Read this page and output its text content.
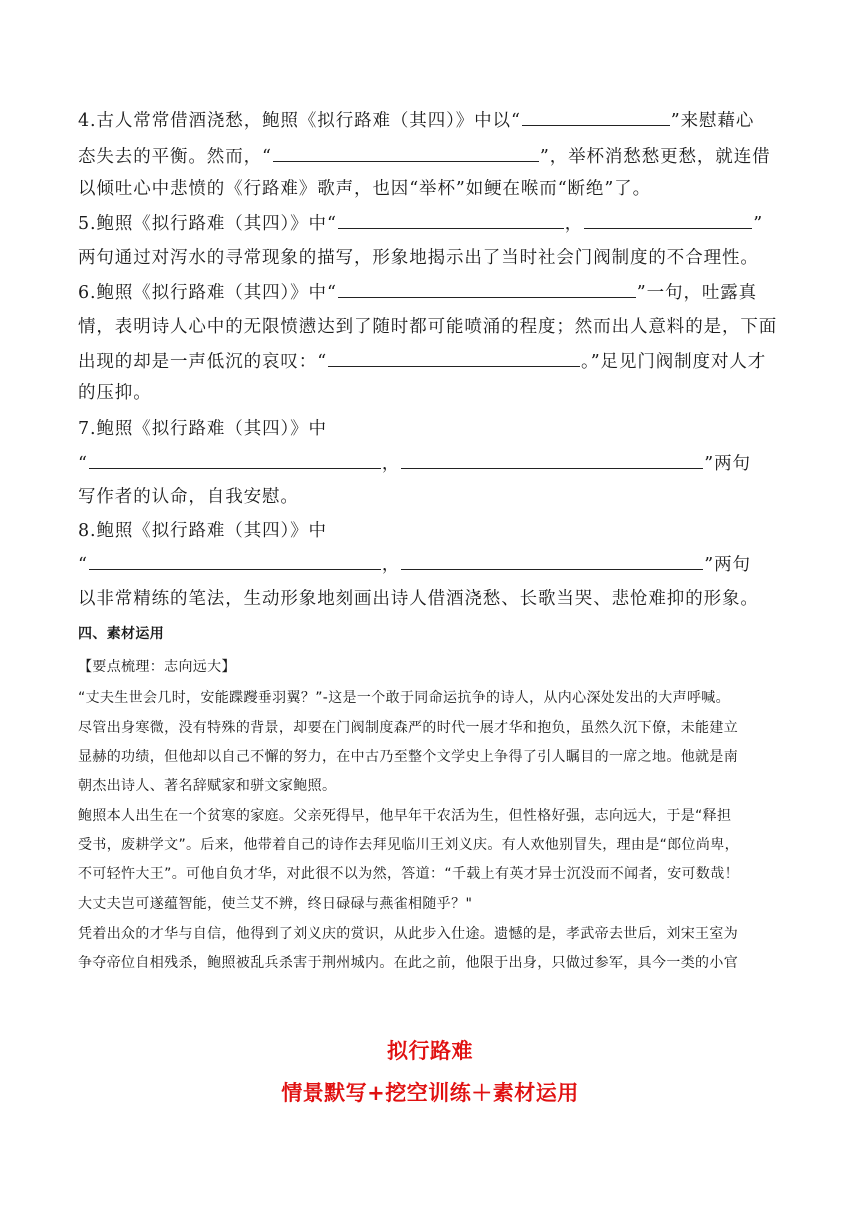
4.古人常常借酒浇愁，鲍照《拟行路难（其四）》中以“	”来慰藉心
态失去的平衡。然而，“	”，举杯消愁愁更愁，就连借
以倾吐心中悲愤的《行路难》歌声，也因“举杯”如鲠在喉而“断绝”了。
5.鲍照《拟行路难（其四）》中“	，	”
两句通过对泻水的寻常现象的描写，形象地揭示出了当时社会门阀制度的不合理性。
6.鲍照《拟行路难（其四）》中“	”一句，吐露真
情，表明诗人心中的无限愤懑达到了随时都可能喷涌的程度；然而出人意料的是，下面
出现的却是一声低沉的哀叹：“	。”足见门阀制度对人才
的压抑。
7.鲍照《拟行路难（其四）》中
“	，	”两句
写作者的认命，自我安慰。
8.鲍照《拟行路难（其四）》中
“	，	”两句
以非常精练的笔法，生动形象地刻画出诗人借酒浇愁、长歌当哭、悲怆难抑的形象。
四、素材运用
【要点梳理：志向远大】
“丈夫生世会几时，安能蹀躞垂羽翼？”-这是一个敢于同命运抗争的诗人，从内心深处发出的大声呼喊。
尽管出身寒微，没有特殊的背景，却要在门阀制度森严的时代一展才华和抱负，虽然久沉下僚，未能建立
显赫的功绩，但他却以自己不懈的努力，在中古乃至整个文学史上争得了引人瞩目的一席之地。他就是南
朝杰出诗人、著名辞赋家和骈文家鲍照。
鲍照本人出生在一个贫寒的家庭。父亲死得早，他早年干农活为生，但性格好强，志向远大，于是“释担
受书，废耕学文”。后来，他带着自己的诗作去拜见临川王刘义庆。有人欢他别冒失，理由是“郎位尚卑，
不可轻忤大王”。可他自负才华，对此很不以为然，答道：“千载上有英才异士沉没而不闻者，安可数哉！
大丈夫岂可遂蕴智能，使兰艾不辨，终日碌碌与燕雀相随乎？"
凭着出众的才华与自信，他得到了刘义庆的赏识，从此步入仕途。遗憾的是，孝武帝去世后，刘宋王室为
争夺帝位自相残杀，鲍照被乱兵杀害于荆州城内。在此之前，他限于出身，只做过参军，具今一类的小官
拟行路难
情景默写+挖空训练＋素材运用
